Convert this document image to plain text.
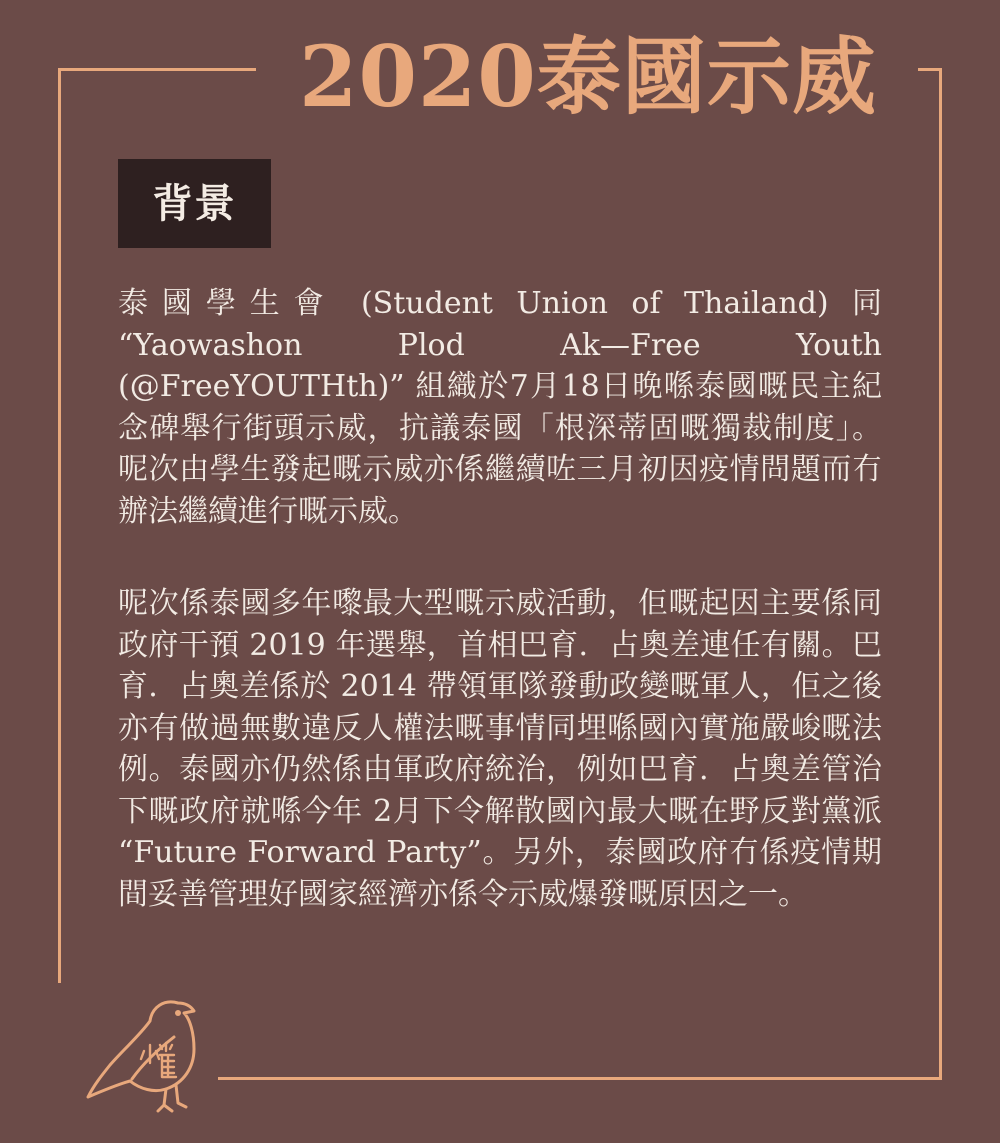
2020泰國示威
背景

泰國學生會 (Student Union of Thailand) 同 “Yaowashon Plod Ak—Free Youth (@FreeYOUTHth)” 組織於7月18日晚喺泰國嘅民主紀念碑舉行街頭示威，抗議泰國「根深蒂固嘅獨裁制度」。呢次由學生發起嘅示威亦係繼續咗三月初因疫情問題而冇辦法繼續進行嘅示威。

呢次係泰國多年嚟最大型嘅示威活動，佢嘅起因主要係同政府干預 2019 年選舉，首相巴育．占奧差連任有關。巴育．占奧差係於 2014 帶領軍隊發動政變嘅軍人，佢之後亦有做過無數違反人權法嘅事情同埋喺國內實施嚴峻嘅法例。泰國亦仍然係由軍政府統治，例如巴育．占奧差管治下嘅政府就喺今年 2月下令解散國內最大嘅在野反對黨派 “Future Forward Party”。另外，泰國政府冇係疫情期間妥善管理好國家經濟亦係令示威爆發嘅原因之一。
